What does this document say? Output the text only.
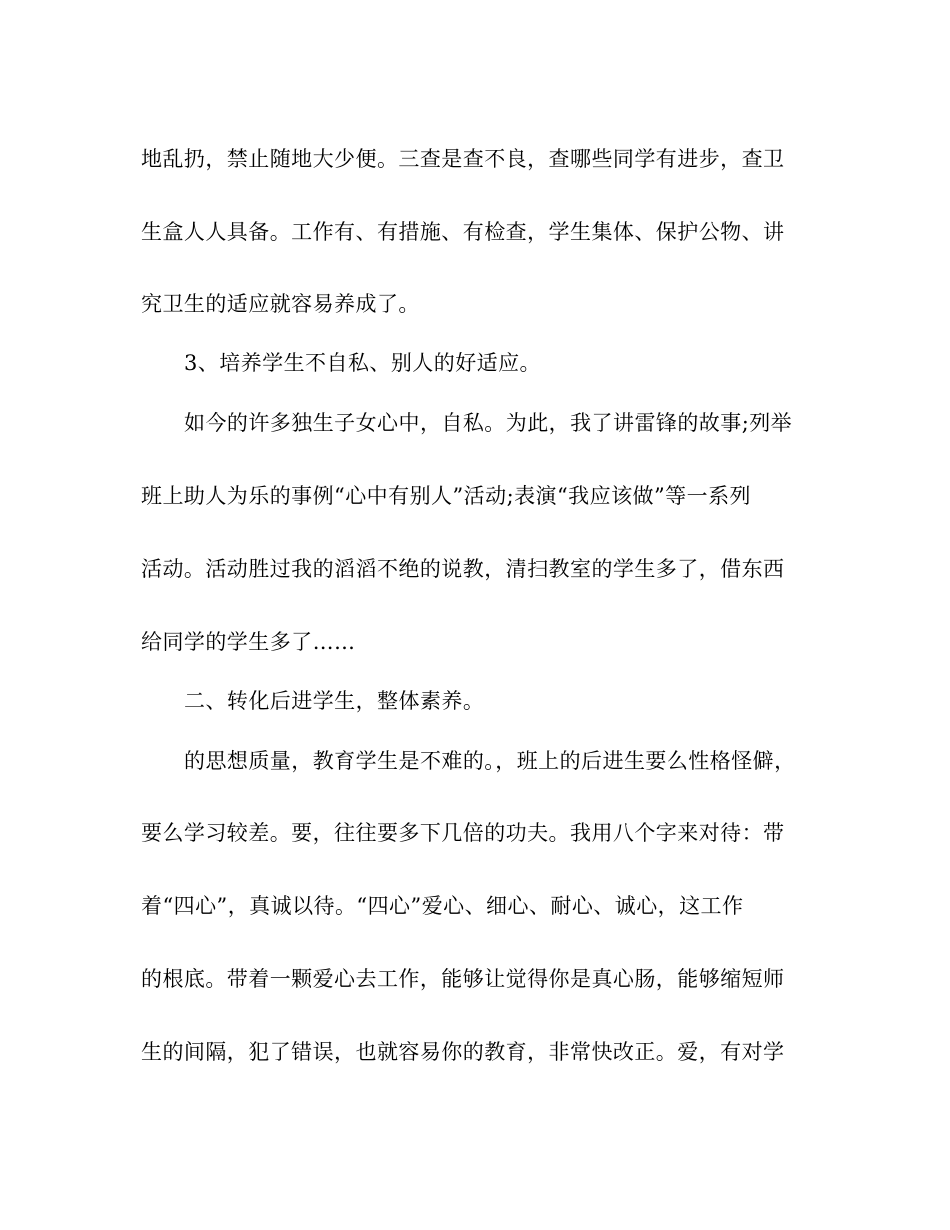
地乱扔，禁止随地大少便。三查是查不良，查哪些同学有进步，查卫
生盒人人具备。工作有、有措施、有检查，学生集体、保护公物、讲
究卫生的适应就容易养成了。
3、培养学生不自私、别人的好适应。
如今的许多独生子女心中，自私。为此，我了讲雷锋的故事;列举
班上助人为乐的事例“心中有别人”活动;表演“我应该做”等一系列
活动。活动胜过我的滔滔不绝的说教，清扫教室的学生多了，借东西
给同学的学生多了……
二、转化后进学生，整体素养。
的思想质量，教育学生是不难的。，班上的后进生要么性格怪僻，
要么学习较差。要，往往要多下几倍的功夫。我用八个字来对待：带
着“四心”，真诚以待。“四心”爱心、细心、耐心、诚心，这工作
的根底。带着一颗爱心去工作，能够让觉得你是真心肠，能够缩短师
生的间隔，犯了错误，也就容易你的教育，非常快改正。爱，有对学
